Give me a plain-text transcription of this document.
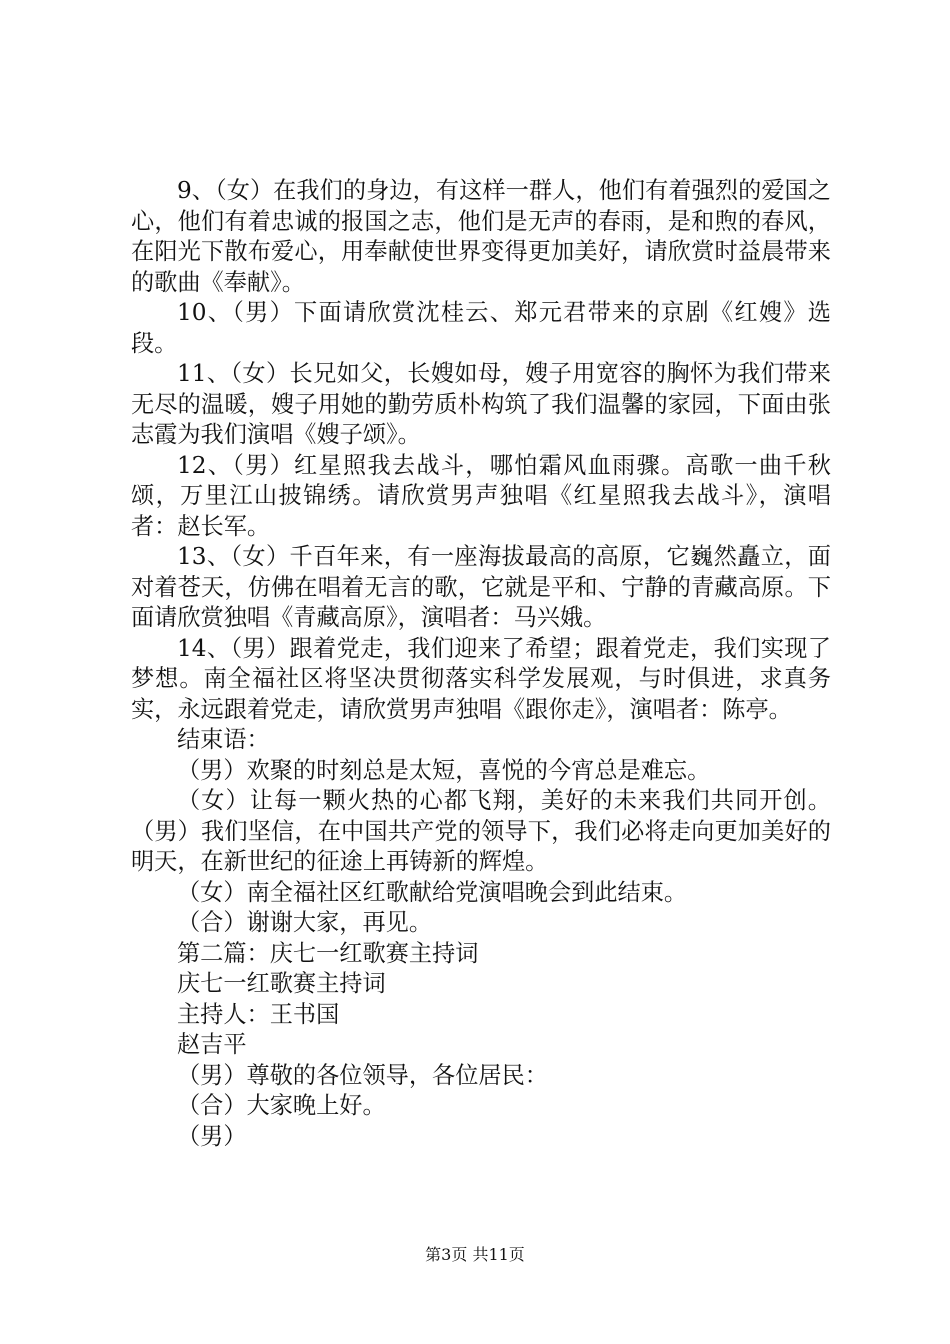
9、（女）在我们的身边，有这样一群人，他们有着强烈的爱国之心，他们有着忠诚的报国之志，他们是无声的春雨，是和煦的春风，在阳光下散布爱心，用奉献使世界变得更加美好，请欣赏时益晨带来的歌曲《奉献》。

10、（男）下面请欣赏沈桂云、郑元君带来的京剧《红嫂》选段。

11、（女）长兄如父，长嫂如母，嫂子用宽容的胸怀为我们带来无尽的温暖，嫂子用她的勤劳质朴构筑了我们温馨的家园，下面由张志霞为我们演唱《嫂子颂》。

12、（男）红星照我去战斗，哪怕霜风血雨骤。高歌一曲千秋颂，万里江山披锦绣。请欣赏男声独唱《红星照我去战斗》，演唱者：赵长军。

13、（女）千百年来，有一座海拔最高的高原，它巍然矗立，面对着苍天，仿佛在唱着无言的歌，它就是平和、宁静的青藏高原。下面请欣赏独唱《青藏高原》，演唱者：马兴娥。

14、（男）跟着党走，我们迎来了希望；跟着党走，我们实现了梦想。南全福社区将坚决贯彻落实科学发展观，与时俱进，求真务实，永远跟着党走，请欣赏男声独唱《跟你走》，演唱者：陈亭。

结束语：

（男）欢聚的时刻总是太短，喜悦的今宵总是难忘。

（女）让每一颗火热的心都飞翔，美好的未来我们共同开创。（男）我们坚信，在中国共产党的领导下，我们必将走向更加美好的明天，在新世纪的征途上再铸新的辉煌。

（女）南全福社区红歌献给党演唱晚会到此结束。

（合）谢谢大家，再见。

第二篇：庆七一红歌赛主持词

庆七一红歌赛主持词

主持人：王书国

赵吉平

（男）尊敬的各位领导，各位居民：

（合）大家晚上好。

（男）

第3页 共11页
